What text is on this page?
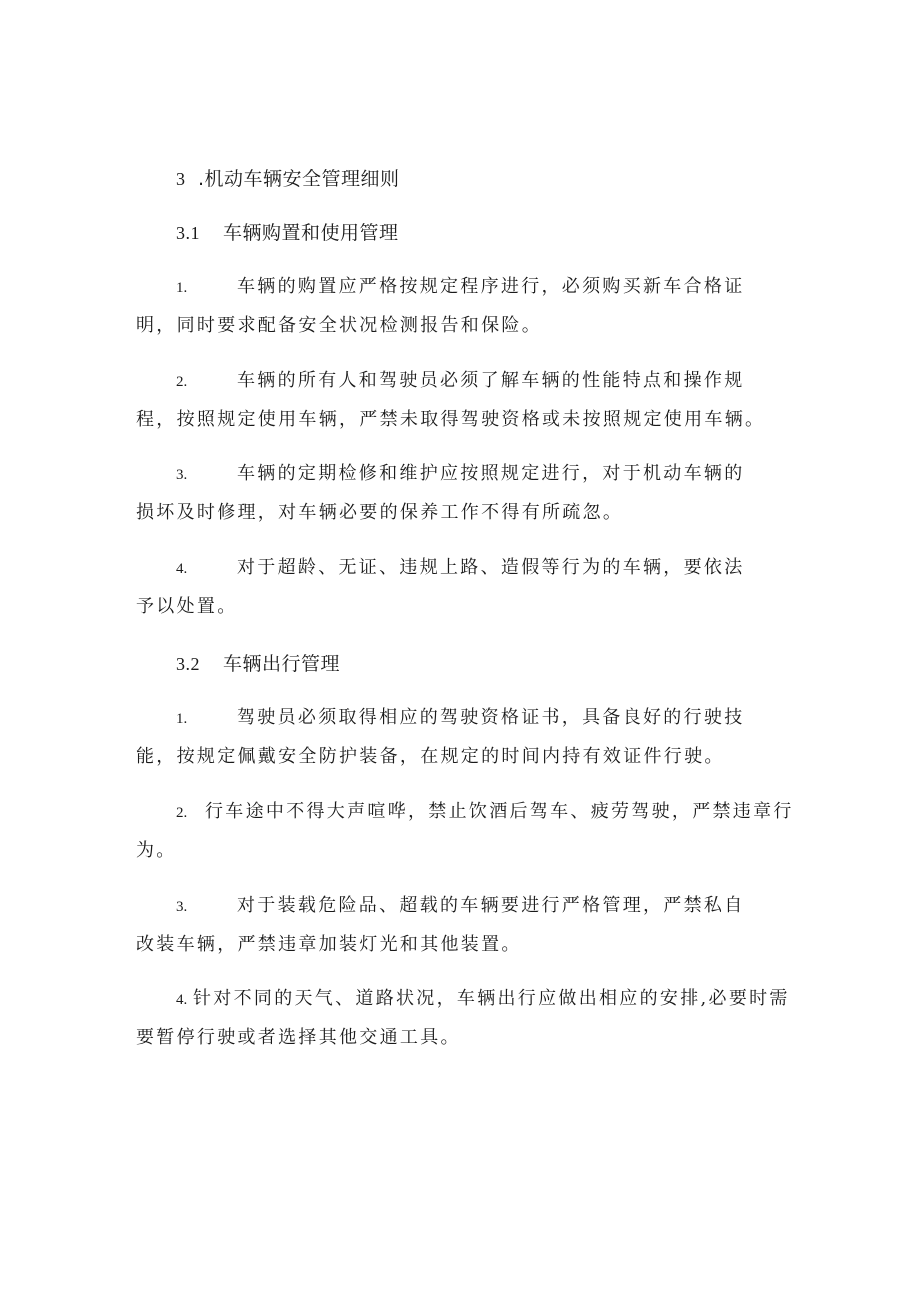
3 .机动车辆安全管理细则
3.1 车辆购置和使用管理
1.	车辆的购置应严格按规定程序进行，必须购买新车合格证
明，同时要求配备安全状况检测报告和保险。
2.	车辆的所有人和驾驶员必须了解车辆的性能特点和操作规
程，按照规定使用车辆，严禁未取得驾驶资格或未按照规定使用车辆。
3.	车辆的定期检修和维护应按照规定进行，对于机动车辆的
损坏及时修理，对车辆必要的保养工作不得有所疏忽。
4.	对于超龄、无证、违规上路、造假等行为的车辆，要依法
予以处置。
3.2 车辆出行管理
1.	驾驶员必须取得相应的驾驶资格证书，具备良好的行驶技
能，按规定佩戴安全防护装备，在规定的时间内持有效证件行驶。
2. 行车途中不得大声喧哗，禁止饮酒后驾车、疲劳驾驶，严禁违章行
为。
3.	对于装载危险品、超载的车辆要进行严格管理，严禁私自
改装车辆，严禁违章加装灯光和其他装置。
4. 针对不同的天气、道路状况，车辆出行应做出相应的安排,必要时需
要暂停行驶或者选择其他交通工具。
